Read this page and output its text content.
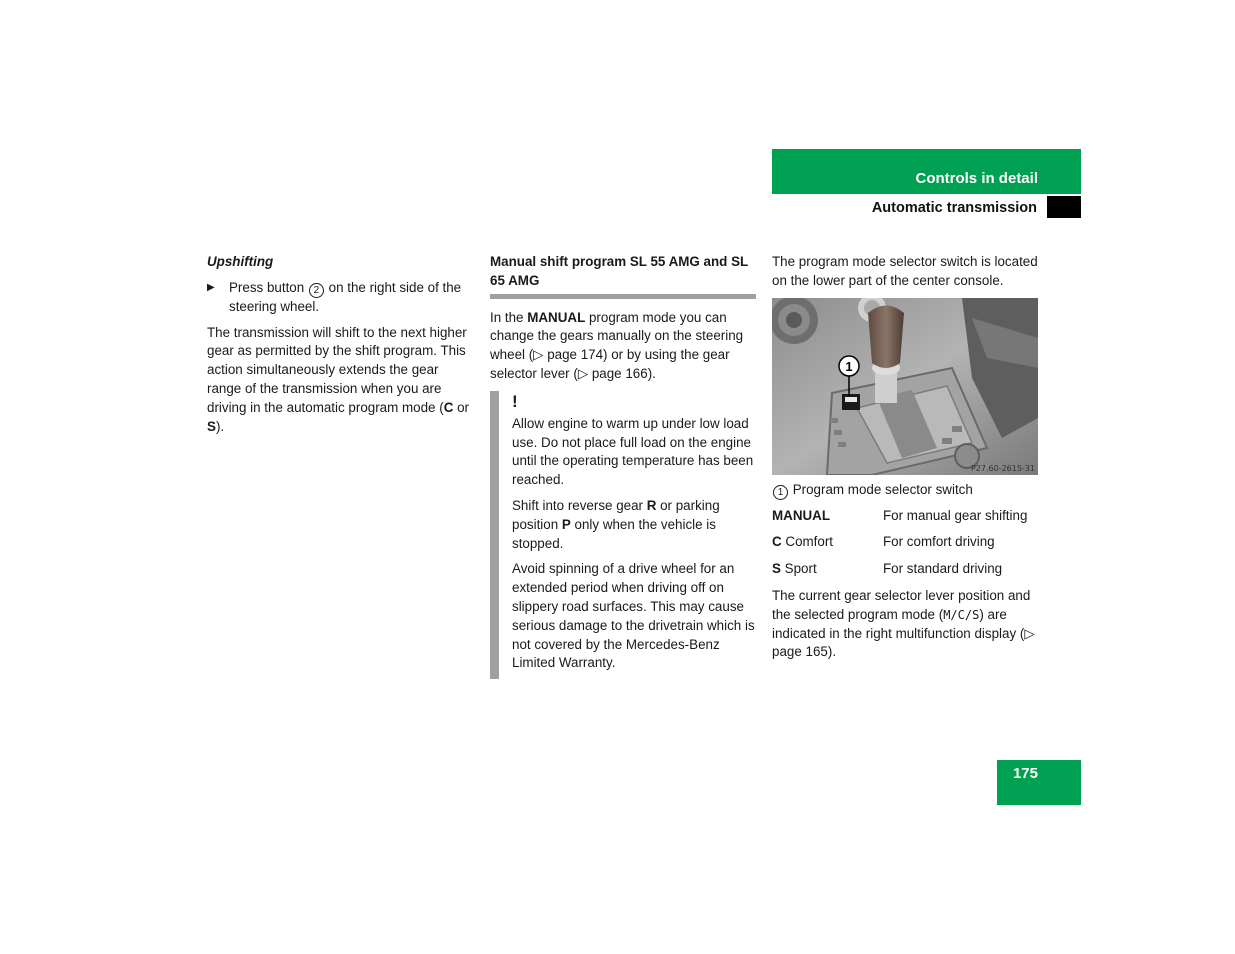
Controls in detail
Automatic transmission

Upshifting

▶ Press button 2 on the right side of the steering wheel.

The transmission will shift to the next higher gear as permitted by the shift program. This action simultaneously extends the gear range of the transmission when you are driving in the automatic program mode (C or S).

Manual shift program SL 55 AMG and SL 65 AMG

In the MANUAL program mode you can change the gears manually on the steering wheel (▷ page 174) or by using the gear selector lever (▷ page 166).

!

Allow engine to warm up under low load use. Do not place full load on the engine until the operating temperature has been reached.

Shift into reverse gear R or parking position P only when the vehicle is stopped.

Avoid spinning of a drive wheel for an extended period when driving off on slippery road surfaces. This may cause serious damage to the drivetrain which is not covered by the Mercedes-Benz Limited Warranty.

The program mode selector switch is located on the lower part of the center console.

1
P27.60-2615-31

1 Program mode selector switch

MANUAL	For manual gear shifting
C Comfort	For comfort driving
S Sport	For standard driving

The current gear selector lever position and the selected program mode (M/C/S) are indicated in the right multifunction display (▷ page 165).

175
